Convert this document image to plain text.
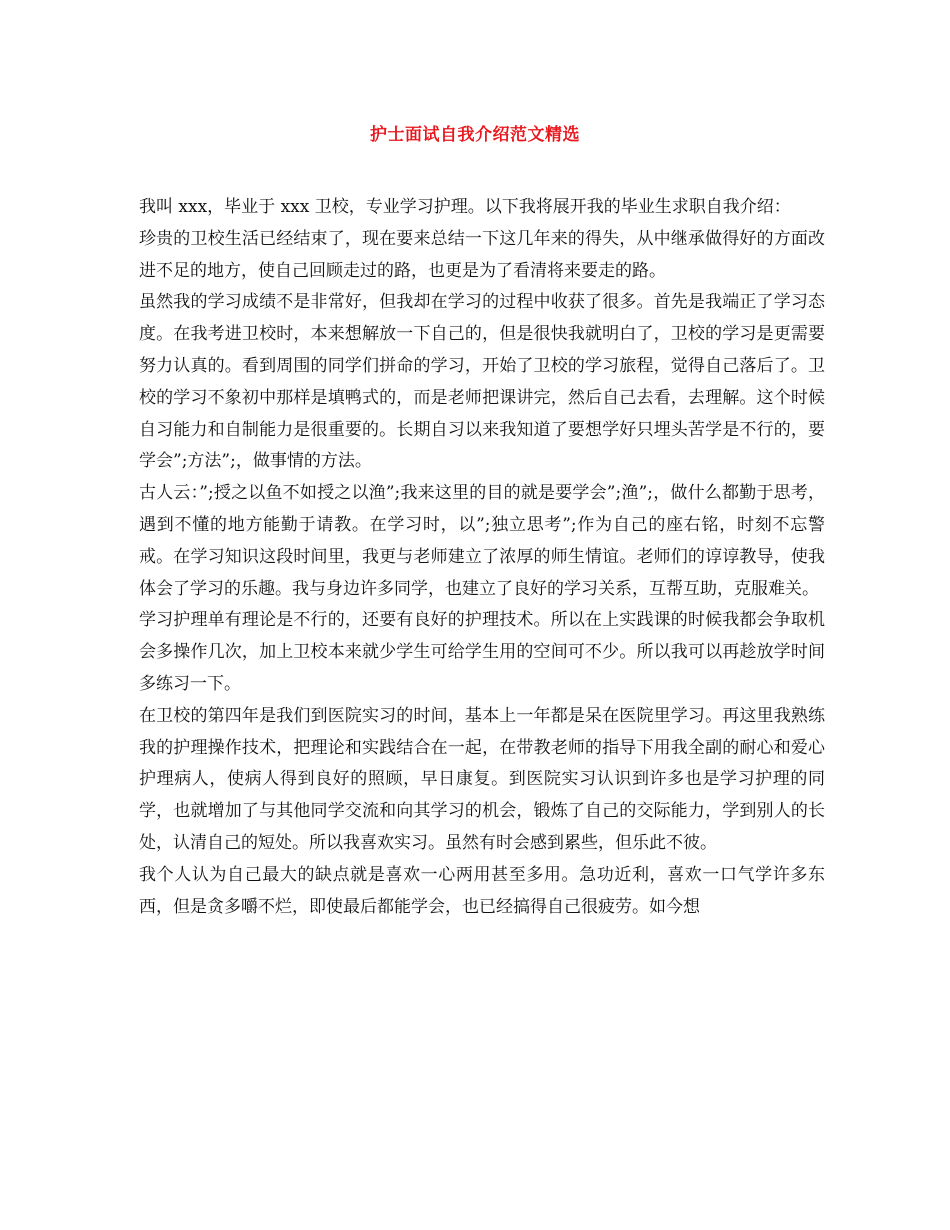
护士面试自我介绍范文精选

我叫 xxx，毕业于 xxx 卫校，专业学习护理。以下我将展开我的毕业生求职自我介绍：

珍贵的卫校生活已经结束了，现在要来总结一下这几年来的得失，从中继承做得好的方面改进不足的地方，使自己回顾走过的路，也更是为了看清将来要走的路。

虽然我的学习成绩不是非常好，但我却在学习的过程中收获了很多。首先是我端正了学习态度。在我考进卫校时，本来想解放一下自己的，但是很快我就明白了，卫校的学习是更需要努力认真的。看到周围的同学们拼命的学习，开始了卫校的学习旅程，觉得自己落后了。卫校的学习不象初中那样是填鸭式的，而是老师把课讲完，然后自己去看，去理解。这个时候自习能力和自制能力是很重要的。长期自习以来我知道了要想学好只埋头苦学是不行的，要学会”;方法”;，做事情的方法。

古人云：”;授之以鱼不如授之以渔”;我来这里的目的就是要学会”;渔”;，做什么都勤于思考，遇到不懂的地方能勤于请教。在学习时，以”;独立思考”;作为自己的座右铭，时刻不忘警戒。在学习知识这段时间里，我更与老师建立了浓厚的师生情谊。老师们的谆谆教导，使我体会了学习的乐趣。我与身边许多同学，也建立了良好的学习关系，互帮互助，克服难关。

学习护理单有理论是不行的，还要有良好的护理技术。所以在上实践课的时候我都会争取机会多操作几次，加上卫校本来就少学生可给学生用的空间可不少。所以我可以再趁放学时间多练习一下。

在卫校的第四年是我们到医院实习的时间，基本上一年都是呆在医院里学习。再这里我熟练我的护理操作技术，把理论和实践结合在一起，在带教老师的指导下用我全副的耐心和爱心护理病人，使病人得到良好的照顾，早日康复。到医院实习认识到许多也是学习护理的同学，也就增加了与其他同学交流和向其学习的机会，锻炼了自己的交际能力，学到别人的长处，认清自己的短处。所以我喜欢实习。虽然有时会感到累些，但乐此不彼。

我个人认为自己最大的缺点就是喜欢一心两用甚至多用。急功近利，喜欢一口气学许多东西，但是贪多嚼不烂，即使最后都能学会，也已经搞得自己很疲劳。如今想
